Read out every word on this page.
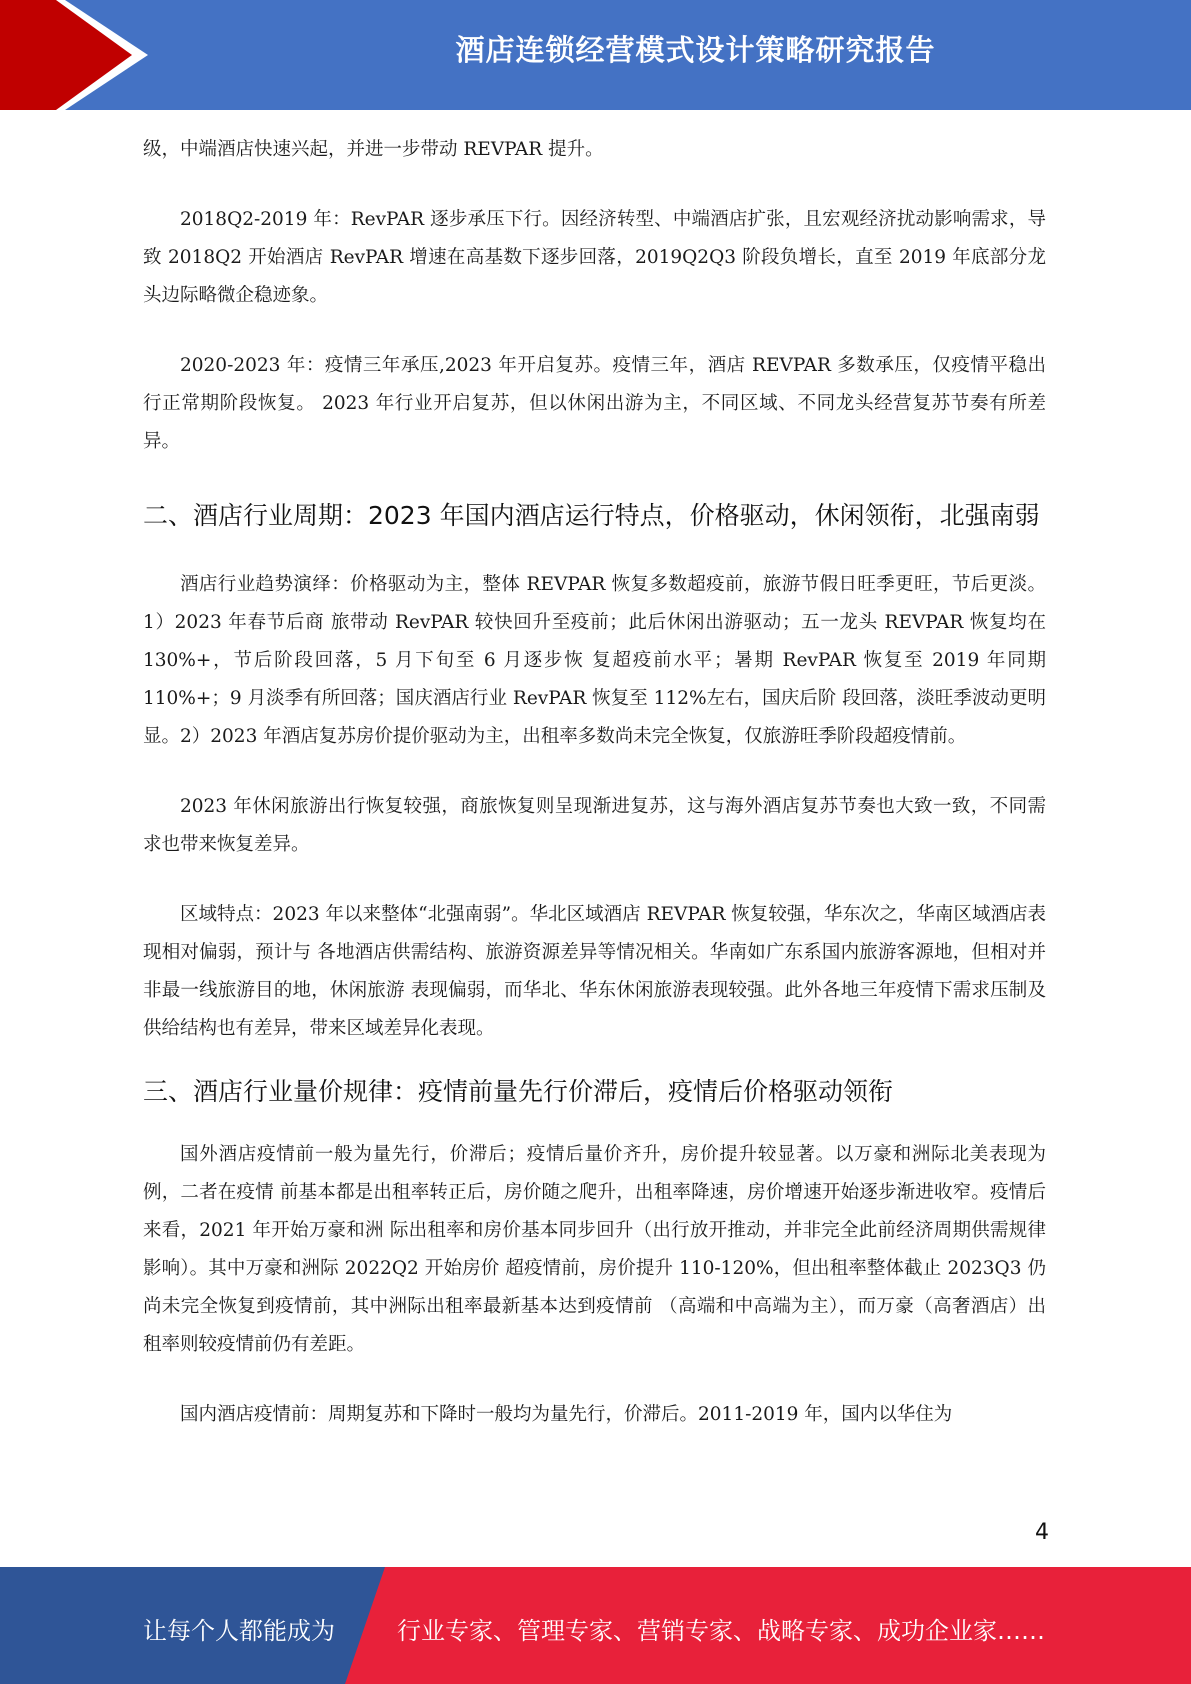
酒店连锁经营模式设计策略研究报告

级，中端酒店快速兴起，并进一步带动 REVPAR 提升。

2018Q2-2019 年：RevPAR 逐步承压下行。因经济转型、中端酒店扩张，且宏观经济扰动影响需求，导致 2018Q2 开始酒店 RevPAR 增速在高基数下逐步回落，2019Q2Q3 阶段负增长，直至 2019 年底部分龙头边际略微企稳迹象。

2020-2023 年：疫情三年承压,2023 年开启复苏。疫情三年，酒店 REVPAR 多数承压，仅疫情平稳出行正常期阶段恢复。 2023 年行业开启复苏，但以休闲出游为主，不同区域、不同龙头经营复苏节奏有所差异。

二、酒店行业周期：2023 年国内酒店运行特点，价格驱动，休闲领衔，北强南弱

酒店行业趋势演绎：价格驱动为主，整体 REVPAR 恢复多数超疫前，旅游节假日旺季更旺，节后更淡。1）2023 年春节后商 旅带动 RevPAR 较快回升至疫前；此后休闲出游驱动；五一龙头 REVPAR 恢复均在 130%+，节后阶段回落，5 月下旬至 6 月逐步恢 复超疫前水平；暑期 RevPAR 恢复至 2019 年同期 110%+；9 月淡季有所回落；国庆酒店行业 RevPAR 恢复至 112%左右，国庆后阶 段回落，淡旺季波动更明显。2）2023 年酒店复苏房价提价驱动为主，出租率多数尚未完全恢复，仅旅游旺季阶段超疫情前。

2023 年休闲旅游出行恢复较强，商旅恢复则呈现渐进复苏，这与海外酒店复苏节奏也大致一致，不同需求也带来恢复差异。

区域特点：2023 年以来整体“北强南弱”。华北区域酒店 REVPAR 恢复较强，华东次之，华南区域酒店表现相对偏弱，预计与 各地酒店供需结构、旅游资源差异等情况相关。华南如广东系国内旅游客源地，但相对并非最一线旅游目的地，休闲旅游 表现偏弱，而华北、华东休闲旅游表现较强。此外各地三年疫情下需求压制及供给结构也有差异，带来区域差异化表现。

三、酒店行业量价规律：疫情前量先行价滞后，疫情后价格驱动领衔

国外酒店疫情前一般为量先行，价滞后；疫情后量价齐升，房价提升较显著。以万豪和洲际北美表现为例，二者在疫情 前基本都是出租率转正后，房价随之爬升，出租率降速，房价增速开始逐步渐进收窄。疫情后来看，2021 年开始万豪和洲 际出租率和房价基本同步回升（出行放开推动，并非完全此前经济周期供需规律影响）。其中万豪和洲际 2022Q2 开始房价 超疫情前，房价提升 110-120%，但出租率整体截止 2023Q3 仍尚未完全恢复到疫情前，其中洲际出租率最新基本达到疫情前 （高端和中高端为主），而万豪（高奢酒店）出租率则较疫情前仍有差距。

国内酒店疫情前：周期复苏和下降时一般均为量先行，价滞后。2011-2019 年，国内以华住为

4
让每个人都能成为	行业专家、管理专家、营销专家、战略专家、成功企业家……
